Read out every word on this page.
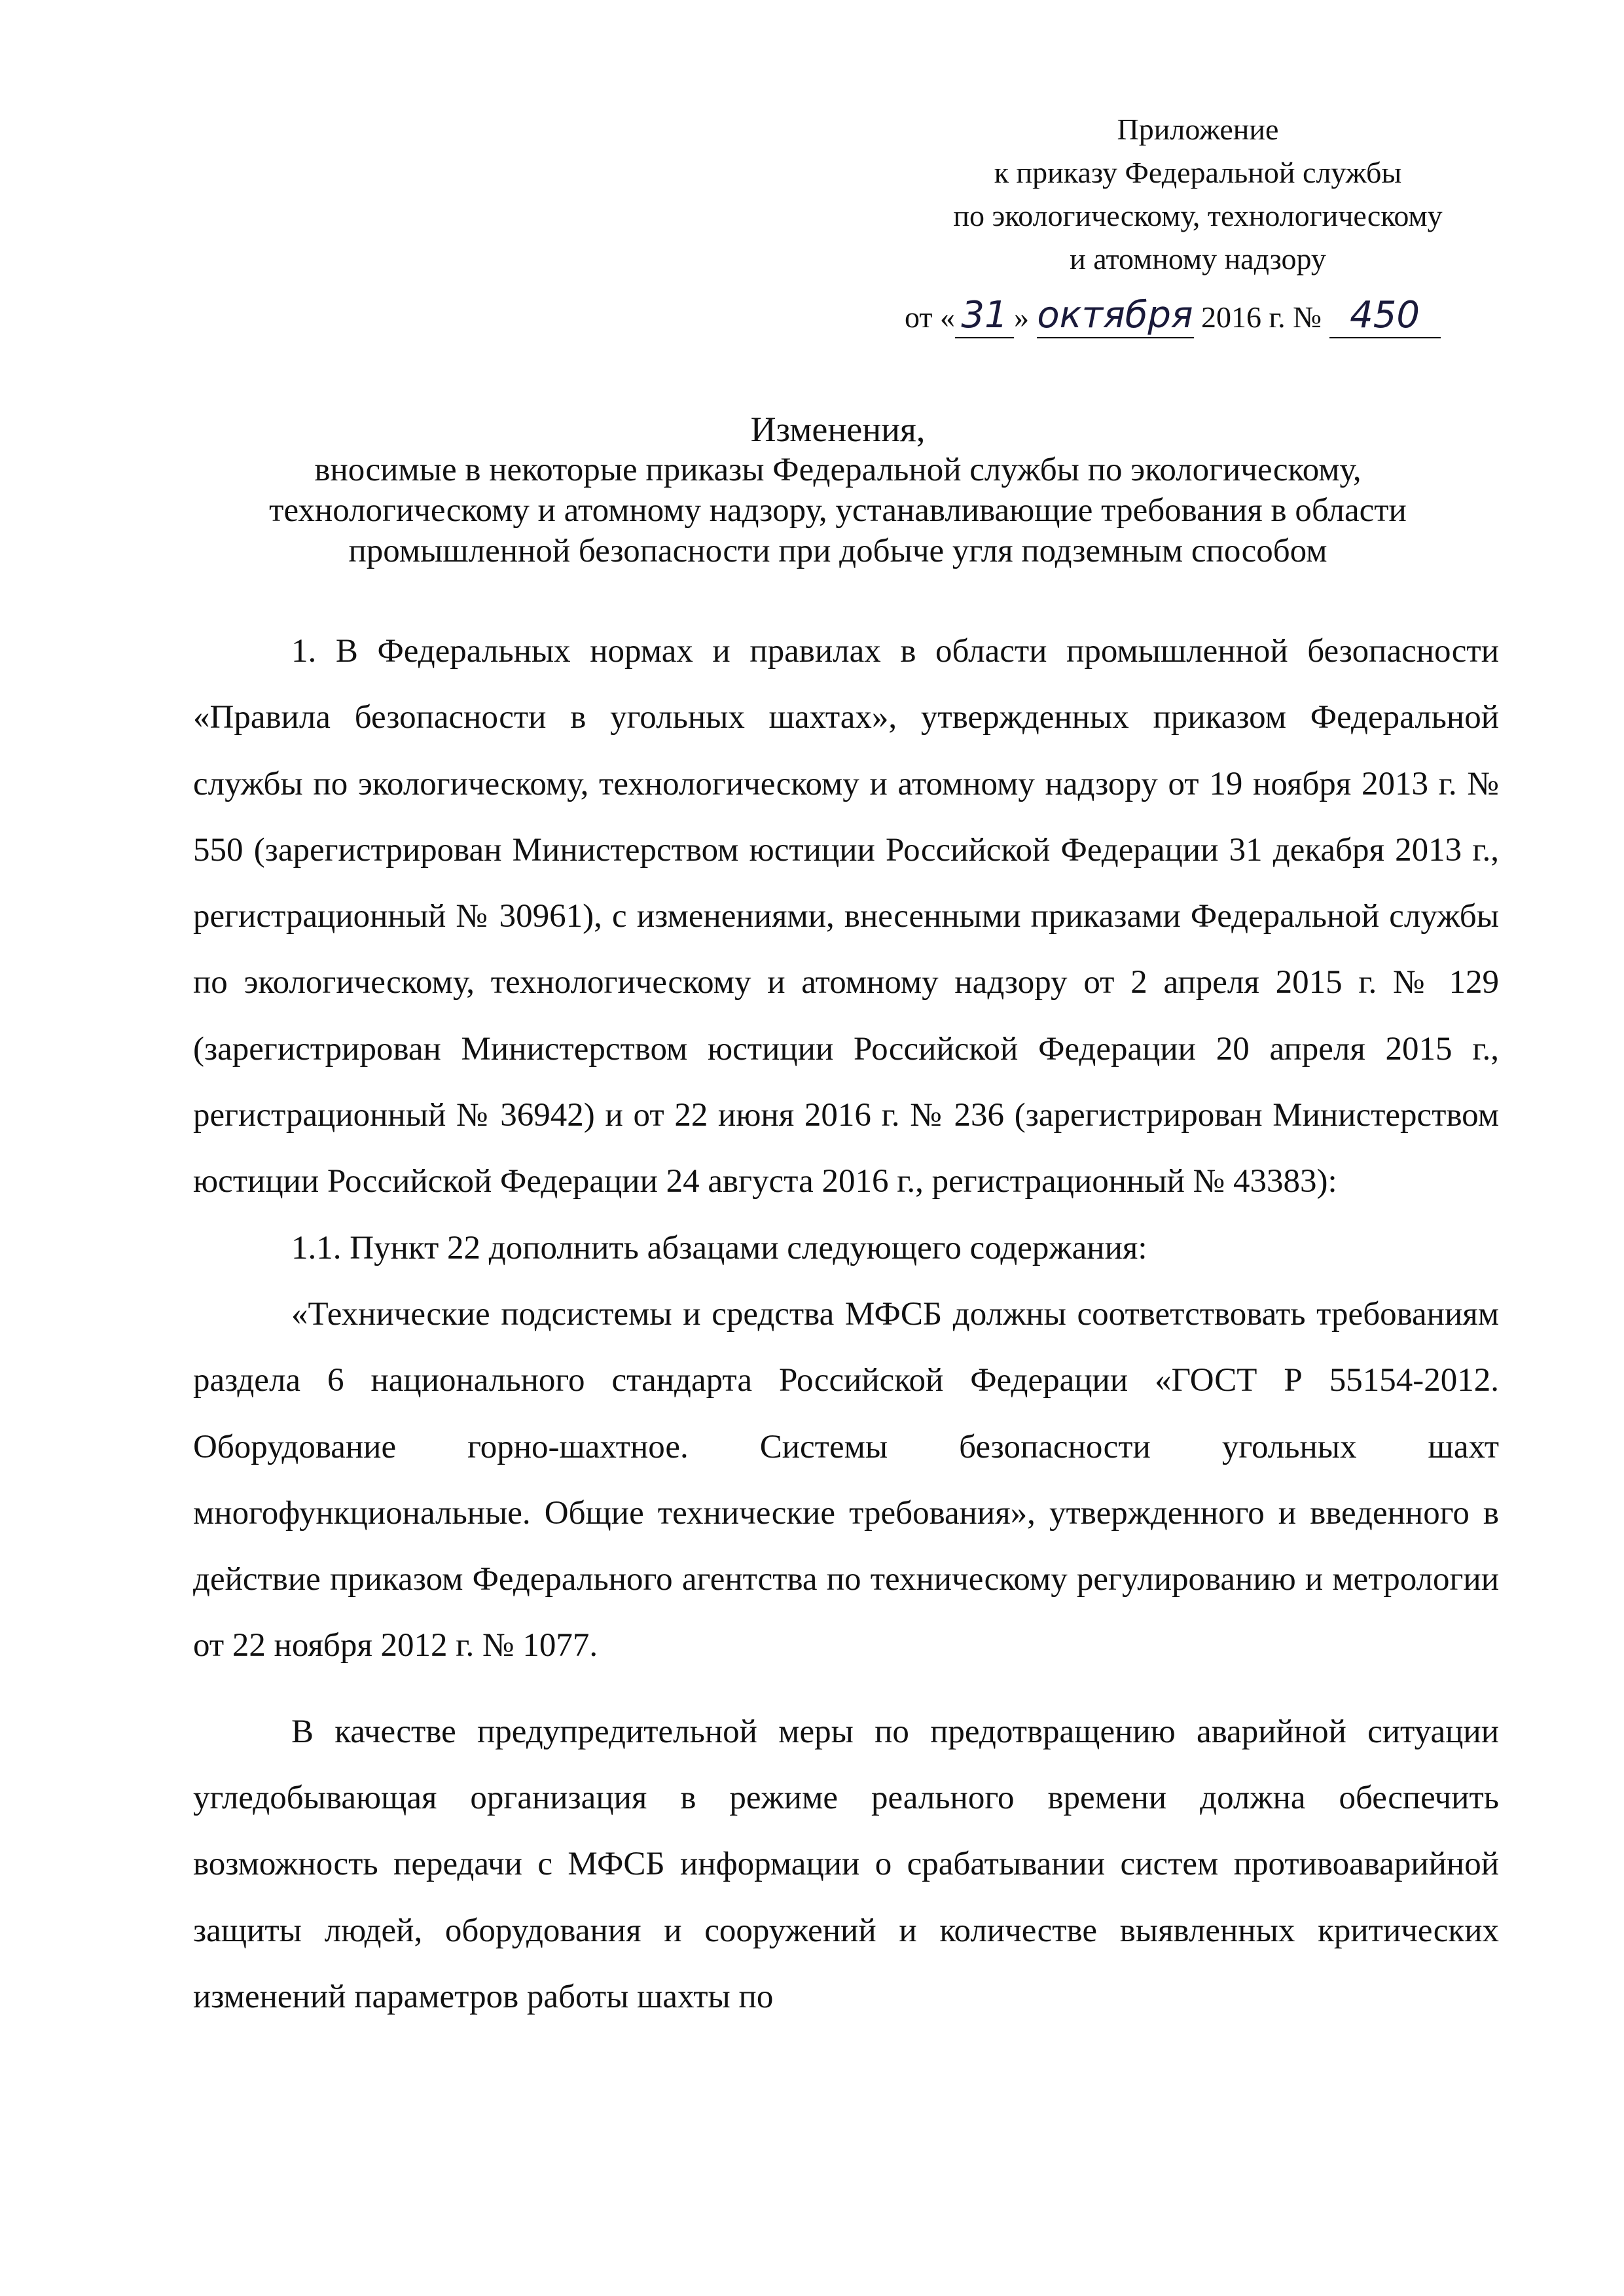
Приложение
к приказу Федеральной службы
по экологическому, технологическому
и атомному надзору
от « 31 » октября 2016 г. № 450
Изменения,
вносимые в некоторые приказы Федеральной службы по экологическому,
технологическому и атомному надзору, устанавливающие требования в области
промышленной безопасности при добыче угля подземным способом

1. В Федеральных нормах и правилах в области промышленной безопасности «Правила безопасности в угольных шахтах», утвержденных приказом Федеральной службы по экологическому, технологическому и атомному надзору от 19 ноября 2013 г. № 550 (зарегистрирован Министерством юстиции Российской Федерации 31 декабря 2013 г., регистрационный № 30961), с изменениями, внесенными приказами Федеральной службы по экологическому, технологическому и атомному надзору от 2 апреля 2015 г. № 129 (зарегистрирован Министерством юстиции Российской Федерации 20 апреля 2015 г., регистрационный № 36942) и от 22 июня 2016 г. № 236 (зарегистрирован Министерством юстиции Российской Федерации 24 августа 2016 г., регистрационный № 43383):

1.1. Пункт 22 дополнить абзацами следующего содержания:

«Технические подсистемы и средства МФСБ должны соответствовать требованиям раздела 6 национального стандарта Российской Федерации «ГОСТ Р 55154-2012. Оборудование горно-шахтное. Системы безопасности угольных шахт многофункциональные. Общие технические требования», утвержденного и введенного в действие приказом Федерального агентства по техническому регулированию и метрологии от 22 ноября 2012 г. № 1077.

В качестве предупредительной меры по предотвращению аварийной ситуации угледобывающая организация в режиме реального времени должна обеспечить возможность передачи с МФСБ информации о срабатывании систем противоаварийной защиты людей, оборудования и сооружений и количестве выявленных критических изменений параметров работы шахты по
